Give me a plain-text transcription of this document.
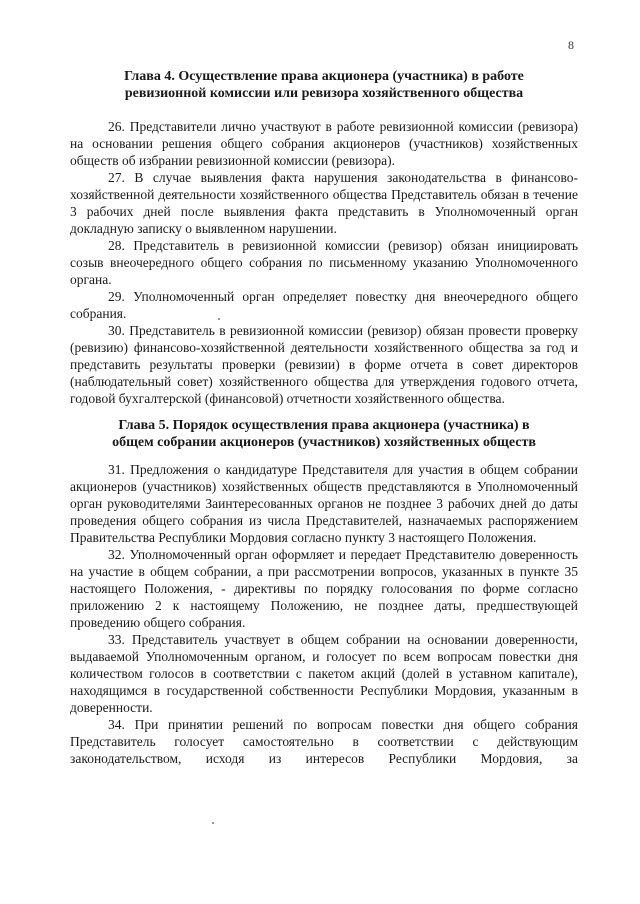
8
Глава 4. Осуществление права акционера (участника) в работе
ревизионной комиссии или ревизора хозяйственного общества

26. Представители лично участвуют в работе ревизионной комиссии (ревизора) на основании решения общего собрания акционеров (участников) хозяйственных обществ об избрании ревизионной комиссии (ревизора).

27. В случае выявления факта нарушения законодательства в финансово-хозяйственной деятельности хозяйственного общества Представитель обязан в течение 3 рабочих дней после выявления факта представить в Уполномоченный орган докладную записку о выявленном нарушении.

28. Представитель в ревизионной комиссии (ревизор) обязан инициировать созыв внеочередного общего собрания по письменному указанию Уполномоченного органа.

29. Уполномоченный орган определяет повестку дня внеочередного общего собрания.

30. Представитель в ревизионной комиссии (ревизор) обязан провести проверку (ревизию) финансово-хозяйственной деятельности хозяйственного общества за год и представить результаты проверки (ревизии) в форме отчета в совет директоров (наблюдательный совет) хозяйственного общества для утверждения годового отчета, годовой бухгалтерской (финансовой) отчетности хозяйственного общества.

Глава 5. Порядок осуществления права акционера (участника) в
общем собрании акционеров (участников) хозяйственных обществ

31. Предложения о кандидатуре Представителя для участия в общем собрании акционеров (участников) хозяйственных обществ представляются в Уполномоченный орган руководителями Заинтересованных органов не позднее 3 рабочих дней до даты проведения общего собрания из числа Представителей, назначаемых распоряжением Правительства Республики Мордовия согласно пункту 3 настоящего Положения.

32. Уполномоченный орган оформляет и передает Представителю доверенность на участие в общем собрании, а при рассмотрении вопросов, указанных в пункте 35 настоящего Положения, - директивы по порядку голосования по форме согласно приложению 2 к настоящему Положению, не позднее даты, предшествующей проведению общего собрания.

33. Представитель участвует в общем собрании на основании доверенности, выдаваемой Уполномоченным органом, и голосует по всем вопросам повестки дня количеством голосов в соответствии с пакетом акций (долей в уставном капитале), находящимся в государственной собственности Республики Мордовия, указанным в доверенности.

34. При принятии решений по вопросам повестки дня общего собрания Представитель голосует самостоятельно в соответствии с действующим законодательством, исходя из интересов Республики Мордовия, за
